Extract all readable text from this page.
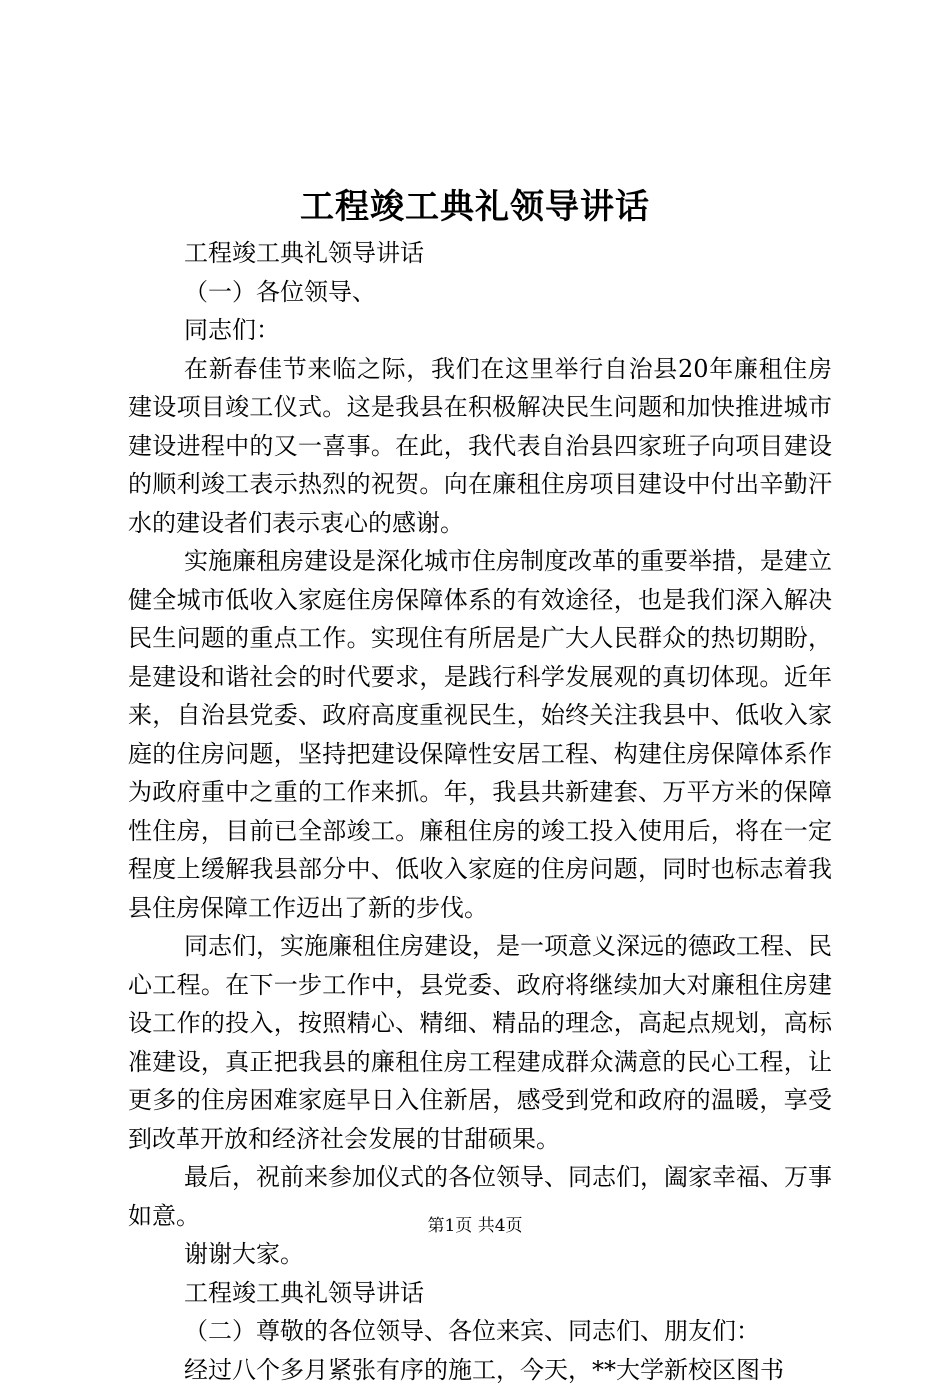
工程竣工典礼领导讲话

工程竣工典礼领导讲话

（一）各位领导、

同志们：

在新春佳节来临之际，我们在这里举行自治县20年廉租住房建设项目竣工仪式。这是我县在积极解决民生问题和加快推进城市建设进程中的又一喜事。在此，我代表自治县四家班子向项目建设的顺利竣工表示热烈的祝贺。向在廉租住房项目建设中付出辛勤汗水的建设者们表示衷心的感谢。

实施廉租房建设是深化城市住房制度改革的重要举措，是建立健全城市低收入家庭住房保障体系的有效途径，也是我们深入解决民生问题的重点工作。实现住有所居是广大人民群众的热切期盼，是建设和谐社会的时代要求，是践行科学发展观的真切体现。近年来，自治县党委、政府高度重视民生，始终关注我县中、低收入家庭的住房问题，坚持把建设保障性安居工程、构建住房保障体系作为政府重中之重的工作来抓。年，我县共新建套、万平方米的保障性住房，目前已全部竣工。廉租住房的竣工投入使用后，将在一定程度上缓解我县部分中、低收入家庭的住房问题，同时也标志着我县住房保障工作迈出了新的步伐。

同志们，实施廉租住房建设，是一项意义深远的德政工程、民心工程。在下一步工作中，县党委、政府将继续加大对廉租住房建设工作的投入，按照精心、精细、精品的理念，高起点规划，高标准建设，真正把我县的廉租住房工程建成群众满意的民心工程，让更多的住房困难家庭早日入住新居，感受到党和政府的温暖，享受到改革开放和经济社会发展的甘甜硕果。

最后，祝前来参加仪式的各位领导、同志们，阖家幸福、万事如意。

谢谢大家。

工程竣工典礼领导讲话

（二）尊敬的各位领导、各位来宾、同志们、朋友们：

经过八个多月紧张有序的施工，今天，**大学新校区图书

第1页 共4页
